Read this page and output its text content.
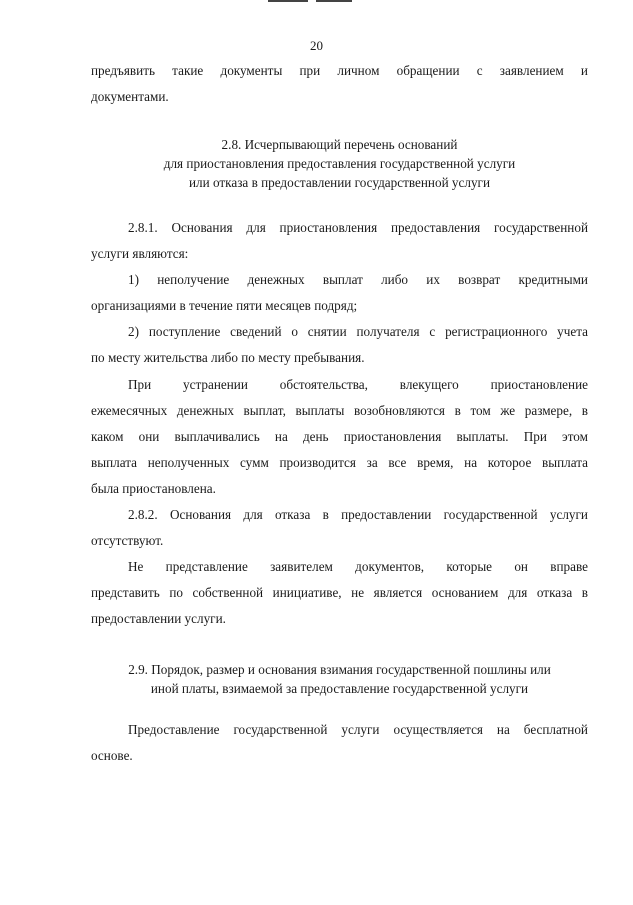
20
предъявить такие документы при личном обращении с заявлением и
документами.
2.8. Исчерпывающий перечень оснований
для приостановления предоставления государственной услуги
или отказа в предоставлении государственной услуги
2.8.1. Основания для приостановления предоставления государственной
услуги являются:
1) неполучение денежных выплат либо их возврат кредитными
организациями в течение пяти месяцев подряд;
2) поступление сведений о снятии получателя с регистрационного учета
по месту жительства либо по месту пребывания.
При устранении обстоятельства, влекущего приостановление
ежемесячных денежных выплат, выплаты возобновляются в том же размере, в
каком они выплачивались на день приостановления выплаты. При этом
выплата неполученных сумм производится за все время, на которое выплата
была приостановлена.
2.8.2. Основания для отказа в предоставлении государственной услуги
отсутствуют.
Не представление заявителем документов, которые он вправе
представить по собственной инициативе, не является основанием для отказа в
предоставлении услуги.
2.9. Порядок, размер и основания взимания государственной пошлины или
иной платы, взимаемой за предоставление государственной услуги
Предоставление государственной услуги осуществляется на бесплатной
основе.
